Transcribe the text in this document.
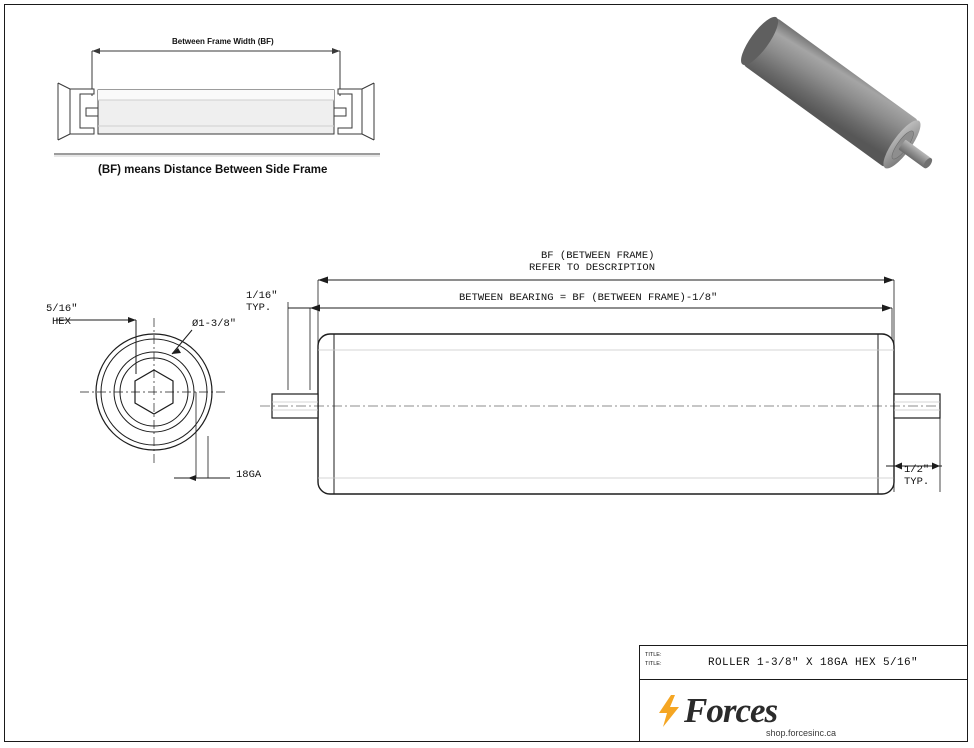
Between Frame Width (BF)
(BF) means Distance Between Side Frame
5/16"
HEX	Ø1-3/8"
18GA
BF (BETWEEN FRAME)
REFER TO DESCRIPTION
BETWEEN BEARING = BF (BETWEEN FRAME)-1/8"
1/16"
TYP.
1/2"
TYP.
TITLE:
TITLE:	ROLLER 1-3/8" X 18GA HEX 5/16"
Forces
shop.forcesinc.ca
